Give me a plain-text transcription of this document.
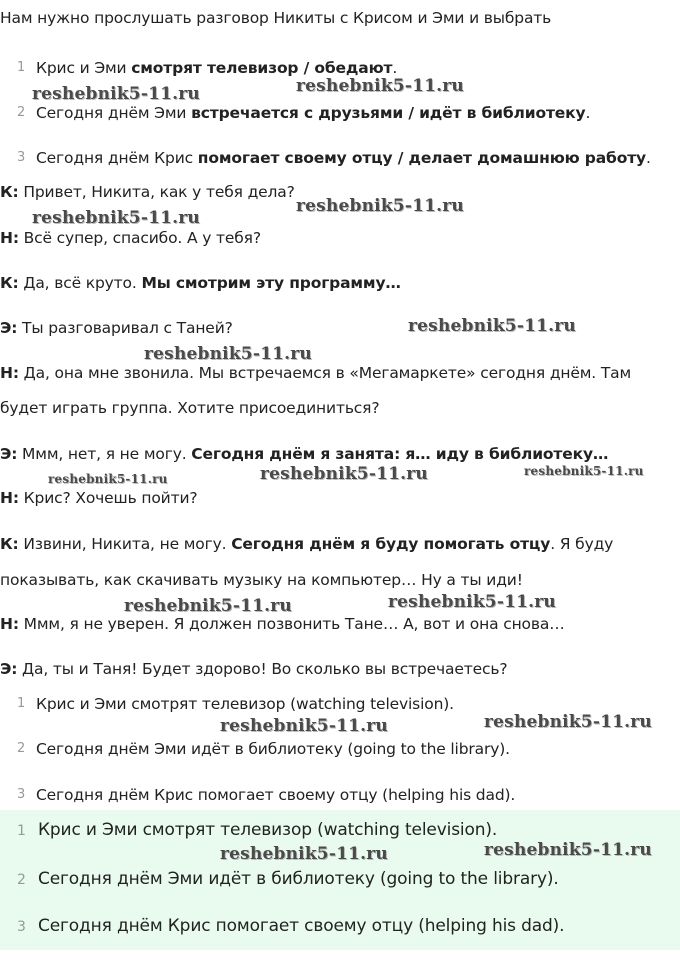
Нам нужно прослушать разговор Никиты с Крисом и Эми и выбрать

1 Крис и Эми смотрят телевизор / обедают.
2 Сегодня днём Эми встречается с друзьями / идёт в библиотеку.
3 Сегодня днём Крис помогает своему отцу / делает домашнюю работу.

К: Привет, Никита, как у тебя дела?

Н: Всё супер, спасибо. А у тебя?

К: Да, всё круто. Мы смотрим эту программу…

Э: Ты разговаривал с Таней?

Н: Да, она мне звонила. Мы встречаемся в «Мегамаркете» сегодня днём. Там

будет играть группа. Хотите присоединиться?

Э: Ммм, нет, я не могу. Сегодня днём я занята: я… иду в библиотеку…

Н: Крис? Хочешь пойти?

К: Извини, Никита, не могу. Сегодня днём я буду помогать отцу. Я буду

показывать, как скачивать музыку на компьютер… Ну а ты иди!

Н: Ммм, я не уверен. Я должен позвонить Тане… А, вот и она снова…

Э: Да, ты и Таня! Будет здорово! Во сколько вы встречаетесь?

1 Крис и Эми смотрят телевизор (watching television).
2 Сегодня днём Эми идёт в библиотеку (going to the library).
3 Сегодня днём Крис помогает своему отцу (helping his dad).
1 Крис и Эми смотрят телевизор (watching television).
2 Сегодня днём Эми идёт в библиотеку (going to the library).
3 Сегодня днём Крис помогает своему отцу (helping his dad).
reshebnik5-11.ru
reshebnik5-11.ru
reshebnik5-11.ru
reshebnik5-11.ru
reshebnik5-11.ru
reshebnik5-11.ru
reshebnik5-11.ru	reshebnik5-11.ru	reshebnik5-11.ru
reshebnik5-11.ru	reshebnik5-11.ru
reshebnik5-11.ru	reshebnik5-11.ru
reshebnik5-11.ru	reshebnik5-11.ru
